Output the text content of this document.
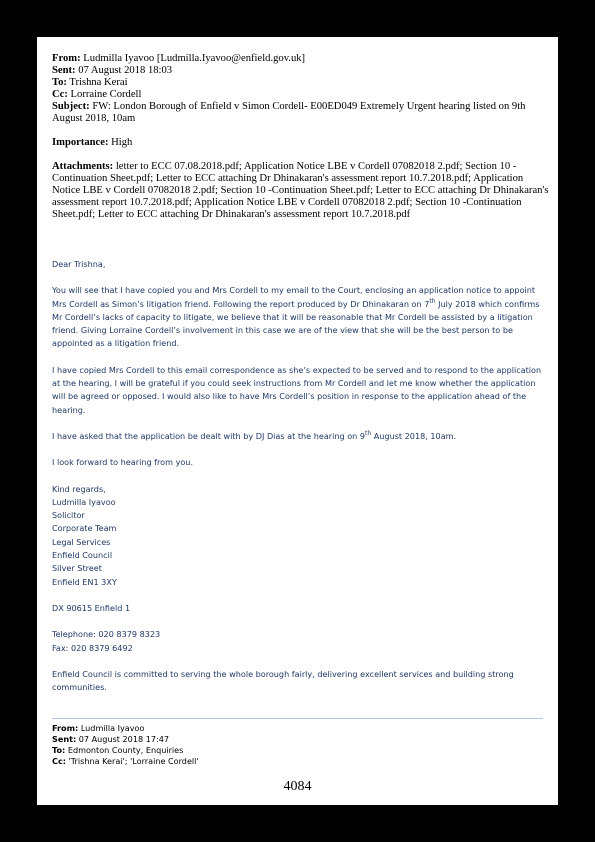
From: Ludmilla Iyavoo [Ludmilla.Iyavoo@enfield.gov.uk]
Sent: 07 August 2018 18:03
To: Trishna Kerai
Cc: Lorraine Cordell
Subject: FW: London Borough of Enfield v Simon Cordell- E00ED049 Extremely Urgent hearing listed on 9th August 2018, 10am
Importance: High
Attachments: letter to ECC 07.08.2018.pdf; Application Notice LBE v Cordell 07082018 2.pdf; Section 10 -Continuation Sheet.pdf; Letter to ECC attaching Dr Dhinakaran's assessment report 10.7.2018.pdf; Application Notice LBE v Cordell 07082018 2.pdf; Section 10 -Continuation Sheet.pdf; Letter to ECC attaching Dr Dhinakaran's assessment report 10.7.2018.pdf; Application Notice LBE v Cordell 07082018 2.pdf; Section 10 -Continuation Sheet.pdf; Letter to ECC attaching Dr Dhinakaran's assessment report 10.7.2018.pdf

Dear Trishna,

You will see that I have copied you and Mrs Cordell to my email to the Court, enclosing an application notice to appoint Mrs Cordell as Simon’s litigation friend. Following the report produced by Dr Dhinakaran on 7th July 2018 which confirms Mr Cordell’s lacks of capacity to litigate, we believe that it will be reasonable that Mr Cordell be assisted by a litigation friend. Giving Lorraine Cordell’s involvement in this case we are of the view that she will be the best person to be appointed as a litigation friend.

I have copied Mrs Cordell to this email correspondence as she’s expected to be served and to respond to the application at the hearing. I will be grateful if you could seek instructions from Mr Cordell and let me know whether the application will be agreed or opposed. I would also like to have Mrs Cordell’s position in response to the application ahead of the hearing.

I have asked that the application be dealt with by DJ Dias at the hearing on 9th August 2018, 10am.

I look forward to hearing from you.

Kind regards,

Ludmilla Iyavoo

Solicitor

Corporate Team

Legal Services

Enfield Council

Silver Street

Enfield EN1 3XY

DX 90615 Enfield 1

Telephone: 020 8379 8323

Fax: 020 8379 6492

Enfield Council is committed to serving the whole borough fairly, delivering excellent services and building strong communities.

From: Ludmilla Iyavoo
Sent: 07 August 2018 17:47
To: Edmonton County, Enquiries
Cc: 'Trishna Kerai'; 'Lorraine Cordell'
4084
